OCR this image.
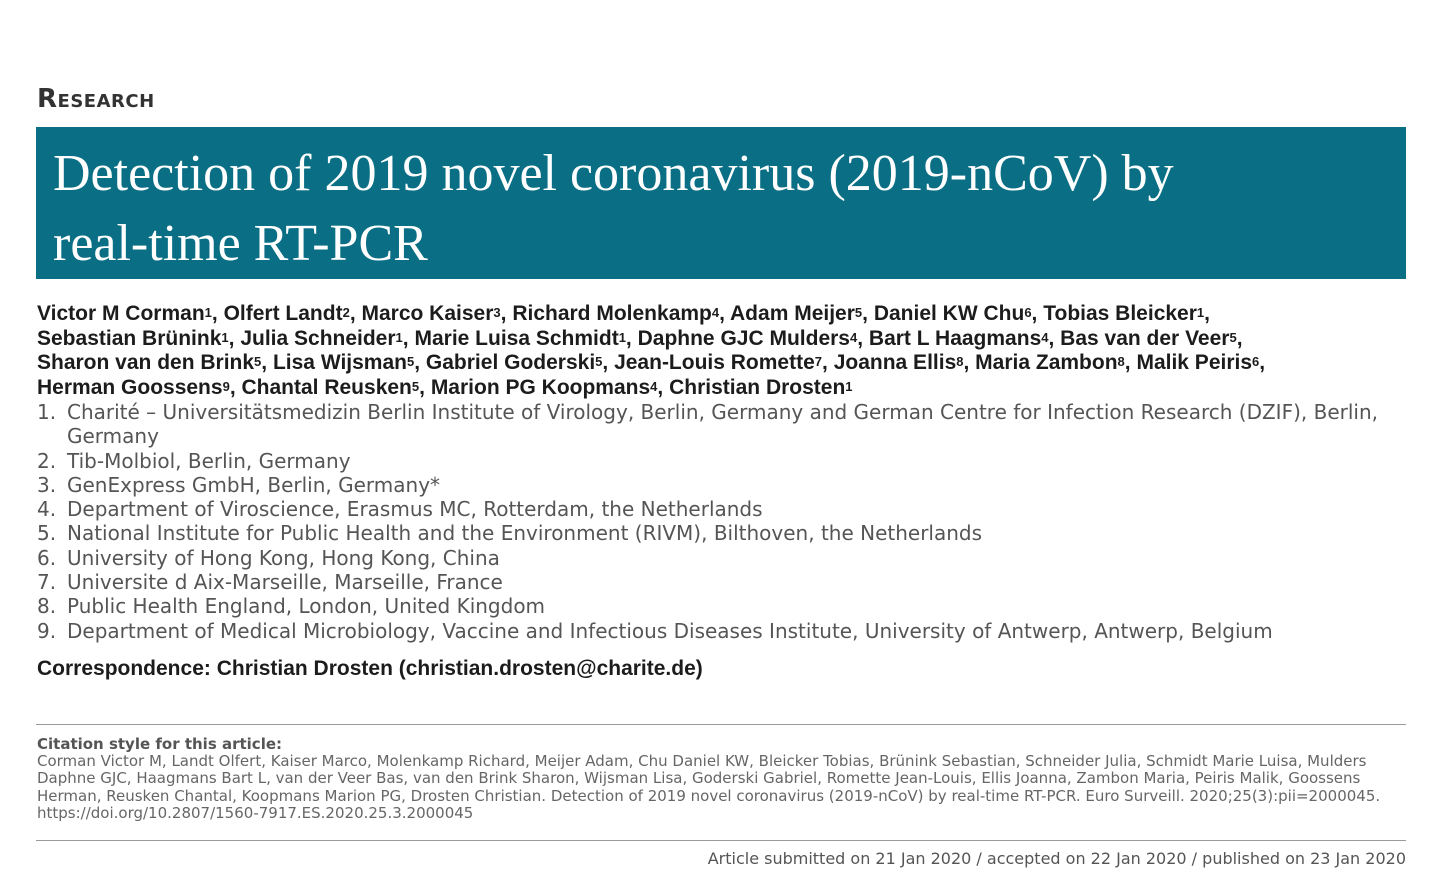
Research
Detection of 2019 novel coronavirus (2019-nCoV) by
real-time RT-PCR

Victor M Corman$^1$, Olfert Landt$^2$, Marco Kaiser$^3$, Richard Molenkamp$^4$, Adam Meijer$^5$, Daniel KW Chu$^6$, Tobias Bleicker$^1$, Sebastian Brünink$^1$, Julia Schneider$^1$, Marie Luisa Schmidt$^1$, Daphne GJC Mulders$^4$, Bart L Haagmans$^4$, Bas van der Veer$^5$, Sharon van den Brink$^5$, Lisa Wijsman$^5$, Gabriel Goderski$^5$, Jean-Louis Romette$^7$, Joanna Ellis$^8$, Maria Zambon$^8$, Malik Peiris$^6$, Herman Goossens$^9$, Chantal Reusken$^5$, Marion PG Koopmans$^4$, Christian Drosten$^1$

1. Charité – Universitätsmedizin Berlin Institute of Virology, Berlin, Germany and German Centre for Infection Research (DZIF), Berlin, Germany
2. Tib-Molbiol, Berlin, Germany
3. GenExpress GmbH, Berlin, Germany*
4. Department of Viroscience, Erasmus MC, Rotterdam, the Netherlands
5. National Institute for Public Health and the Environment (RIVM), Bilthoven, the Netherlands
6. University of Hong Kong, Hong Kong, China
7. Universite d Aix-Marseille, Marseille, France
8. Public Health England, London, United Kingdom
9. Department of Medical Microbiology, Vaccine and Infectious Diseases Institute, University of Antwerp, Antwerp, Belgium

Correspondence: Christian Drosten (christian.drosten@charite.de)

Citation style for this article:
Corman Victor M, Landt Olfert, Kaiser Marco, Molenkamp Richard, Meijer Adam, Chu Daniel KW, Bleicker Tobias, Brünink Sebastian, Schneider Julia, Schmidt Marie Luisa, Mulders Daphne GJC, Haagmans Bart L, van der Veer Bas, van den Brink Sharon, Wijsman Lisa, Goderski Gabriel, Romette Jean-Louis, Ellis Joanna, Zambon Maria, Peiris Malik, Goossens Herman, Reusken Chantal, Koopmans Marion PG, Drosten Christian. Detection of 2019 novel coronavirus (2019-nCoV) by real-time RT-PCR. Euro Surveill. 2020;25(3):pii=2000045. https://doi.org/10.2807/1560-7917.ES.2020.25.3.2000045
Article submitted on 21 Jan 2020 / accepted on 22 Jan 2020 / published on 23 Jan 2020
